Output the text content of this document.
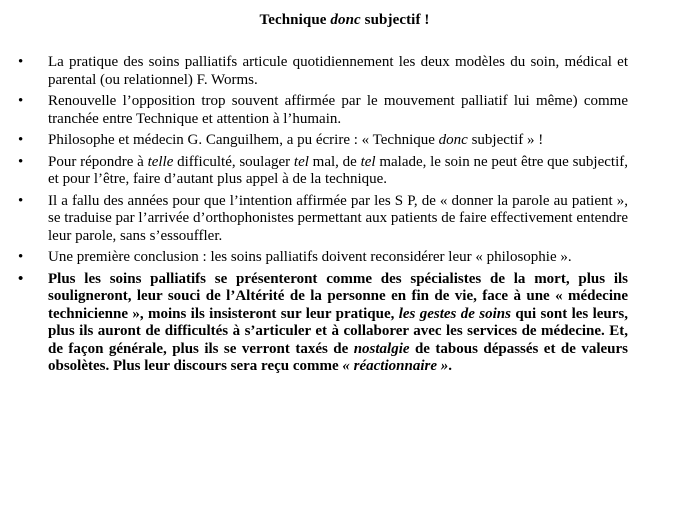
Technique donc subjectif !
• La pratique des soins palliatifs articule quotidiennement les deux modèles du soin, médical et parental (ou relationnel) F. Worms.
• Renouvelle l’opposition trop souvent affirmée par le mouvement palliatif lui même) comme tranchée entre Technique et attention à l’humain.
• Philosophe et médecin G. Canguilhem, a pu écrire : « Technique donc subjectif » !
• Pour répondre à telle difficulté, soulager tel mal, de tel malade, le soin ne peut être que subjectif, et pour l’être, faire d’autant plus appel à de la technique.
• Il a fallu des années pour que l’intention affirmée par les S P, de « donner la parole au patient », se traduise par l’arrivée d’orthophonistes permettant aux patients de faire effectivement entendre leur parole, sans s’essouffler.
• Une première conclusion : les soins palliatifs doivent reconsidérer leur « philosophie ».
• Plus les soins palliatifs se présenteront comme des spécialistes de la mort, plus ils souligneront, leur souci de l’Altérité de la personne en fin de vie, face à une « médecine technicienne », moins ils insisteront sur leur pratique, les gestes de soins qui sont les leurs, plus ils auront de difficultés à s’articuler et à collaborer avec les services de médecine. Et, de façon générale, plus ils se verront taxés de nostalgie de tabous dépassés et de valeurs obsolètes. Plus leur discours sera reçu comme « réactionnaire ».
